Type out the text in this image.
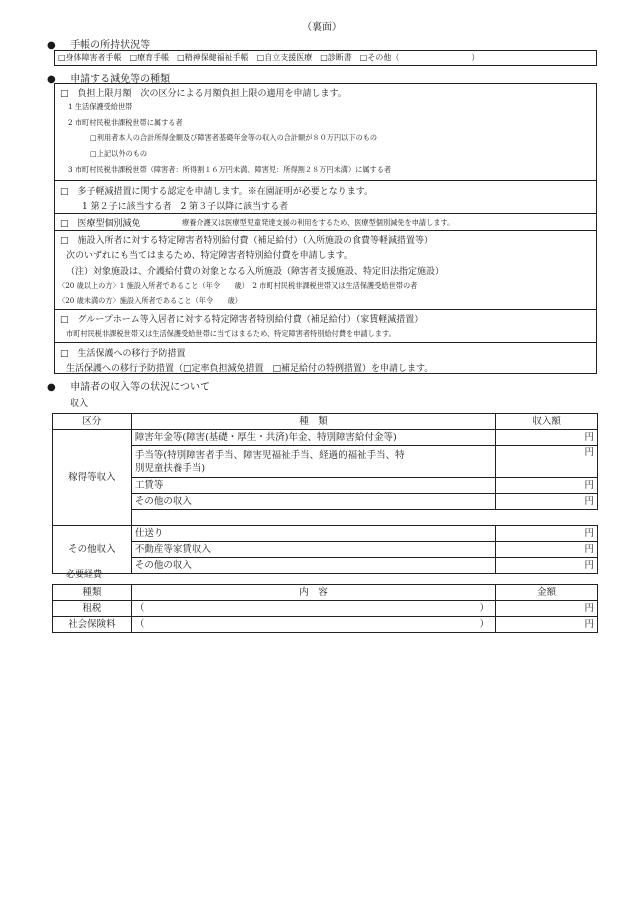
（裏面）
● 手帳の所持状況等
□身体障害者手帳　□療育手帳　□精神保健福祉手帳　□自立支援医療　□診断書　□その他（　　　　　　　　　）
● 申請する減免等の種類
□　負担上限月額　次の区分による月額負担上限の適用を申請します。
1 生活保護受給世帯
2 市町村民税非課税世帯に属する者
□利用者本人の合計所得金額及び障害者基礎年金等の収入の合計額が８０万円以下のもの
□上記以外のもの
3 市町村民税非課税世帯（障害者：所得割１６万円未満、障害児：所得割２８万円未満）に属する者
□　多子軽減措置に関する認定を申請します。※在園証明が必要となります。
1 第２子に該当する者　2 第３子以降に該当する者
□　医療型個別減免	療養介護又は医療型児童発達支援の利用をするため、医療型個別減免を申請します。
□　施設入所者に対する特定障害者特別給付費（補足給付）（入所施設の食費等軽減措置等）
次のいずれにも当てはまるため、特定障害者特別給付費を申請します。
（注）対象施設は、介護給付費の対象となる入所施設（障害者支援施設、特定旧法指定施設）
〈20 歳以上の方〉1 施設入所者であること（年令　　歳）　2 市町村民税非課税世帯又は生活保護受給世帯の者
〈20 歳未満の方〉施設入所者であること（年令　　歳）
□　グループホーム等入居者に対する特定障害者特別給付費（補足給付）（家賃軽減措置）
市町村民税非課税世帯又は生活保護受給世帯に当てはまるため、特定障害者特別給付費を申請します。
□　生活保護への移行予防措置
生活保護への移行予防措置（□定率負担減免措置　□補足給付の特例措置）を申請します。
● 申請者の収入等の状況について
収入
区分	種　類	収入額
稼得等収入	障害年金等(障害(基礎・厚生・共済)年金、特別障害給付金等)	円

	手当等(特別障害者手当、障害児福祉手当、経過的福祉手当、特
別児童扶養手当)	円
	工賃等	円
	その他の収入	円

その他収入	仕送り	円
	不動産等家賃収入	円
	その他の収入	円
必要経費
種類	内　容	金額
租税	（ ）	円
社会保険料	（ ）	円
